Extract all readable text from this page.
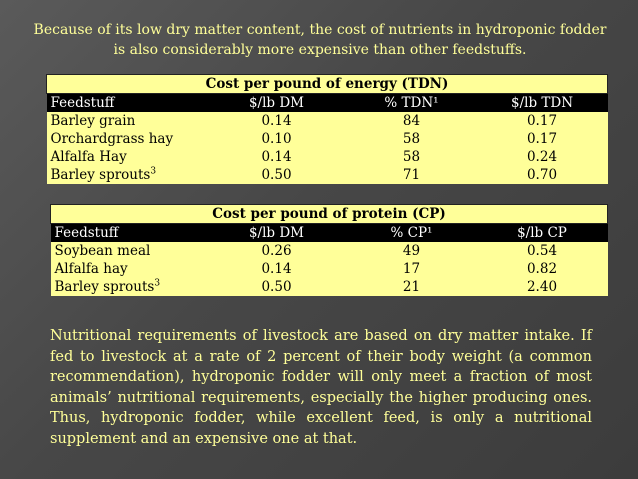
Because of its low dry matter content, the cost of nutrients in hydroponic fodder is also considerably more expensive than other feedstuffs.
Cost per pound of energy (TDN)			
Feedstuff	$/lb DM	% TDN¹	$/lb TDN
Barley grain	0.14	84	0.17
Orchardgrass hay	0.10	58	0.17
Alfalfa Hay	0.14	58	0.24
Barley sprouts$^3$	0.50	71	0.70
Cost per pound of protein (CP)			
Feedstuff	$/lb DM	% CP¹	$/lb CP
Soybean meal	0.26	49	0.54
Alfalfa hay	0.14	17	0.82
Barley sprouts$^3$	0.50	21	2.40
Nutritional requirements of livestock are based on dry matter intake. If fed to livestock at a rate of 2 percent of their body weight (a common recommendation), hydroponic fodder will only meet a fraction of most animals’ nutritional requirements, especially the higher producing ones. Thus, hydroponic fodder, while excellent feed, is only a nutritional supplement and an expensive one at that.
